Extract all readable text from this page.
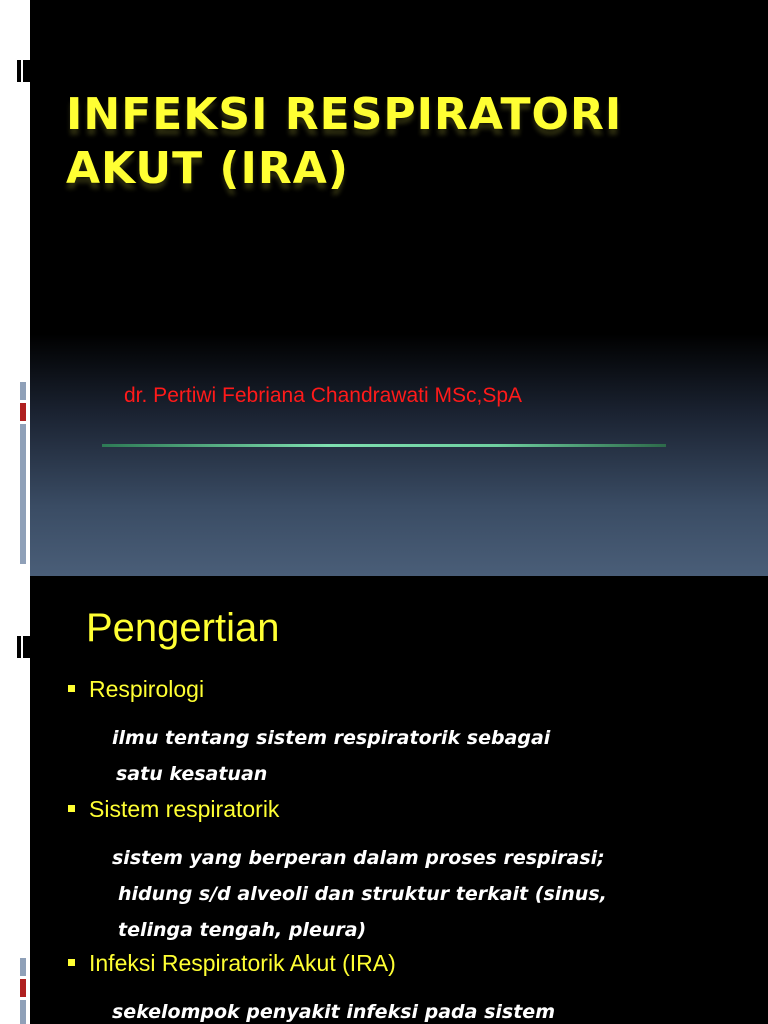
INFEKSI RESPIRATORI
AKUT (IRA)
dr. Pertiwi Febriana Chandrawati MSc,SpA
Pengertian
Respirologi
ilmu tentang sistem respiratorik sebagai
satu kesatuan
Sistem respiratorik
sistem yang berperan dalam proses respirasi;
hidung s/d alveoli dan struktur terkait (sinus,
telinga tengah, pleura)
Infeksi Respiratorik Akut (IRA)
sekelompok penyakit infeksi pada sistem
